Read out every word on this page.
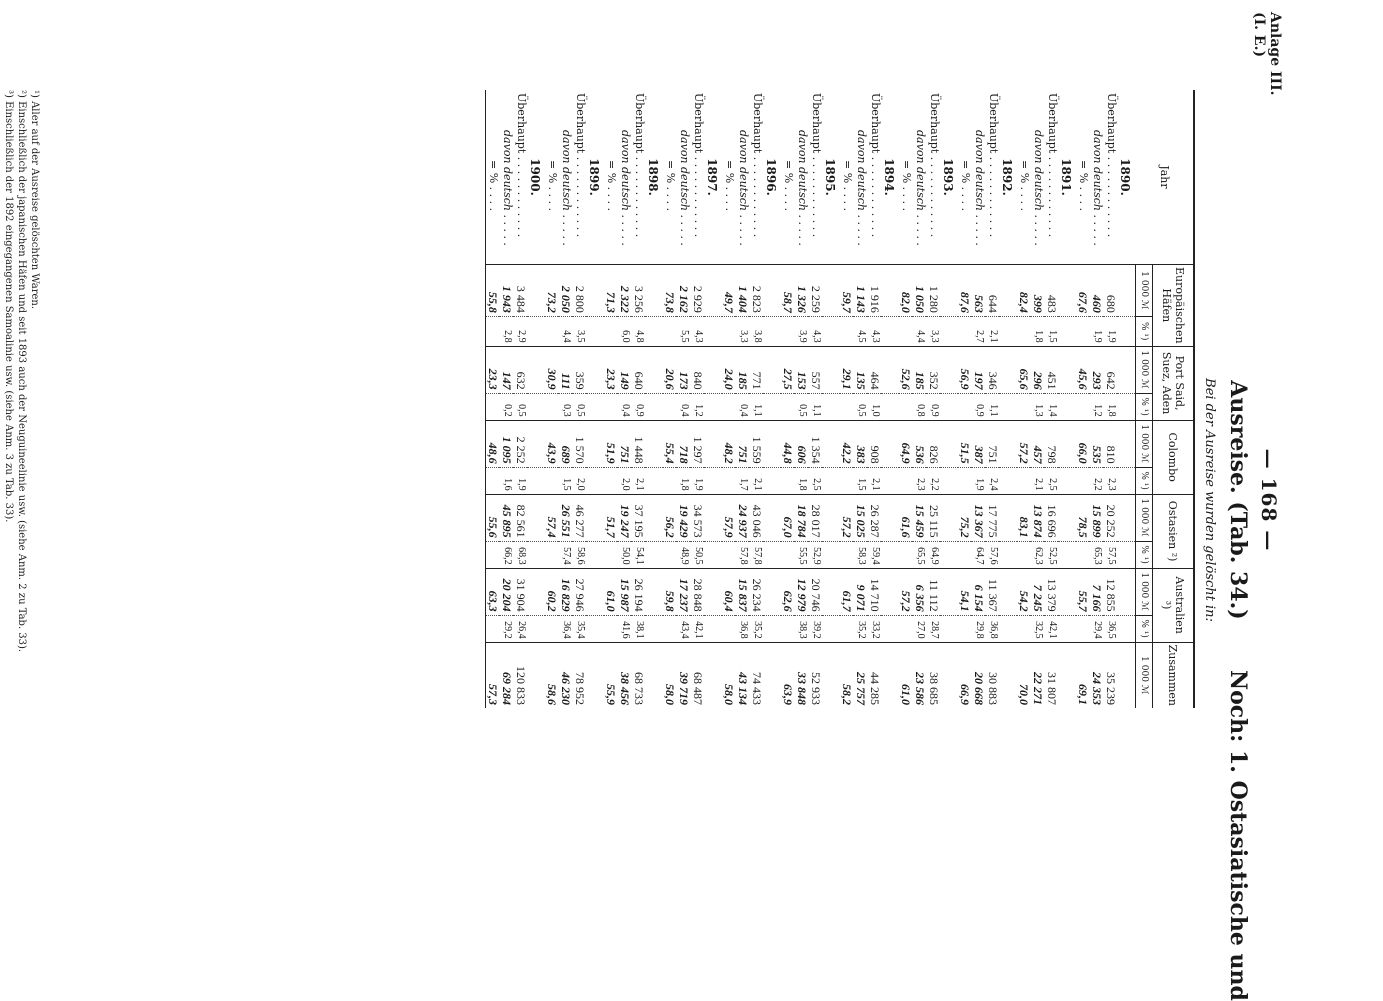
Anlage III.
(I. E.)
— 168 —
Ausreise. (Tab. 34.)
Noch: 1. Ostasiatische und
Bei der Ausreise wurden gelöscht in:
Jahr	Europäischen Häfen		Port Said, Suez, Aden		Colombo		Ostasien ²)		Australien ³)		Zusammen
	1 000 ℳ	% ¹)	1 000 ℳ	% ¹)	1 000 ℳ	% ¹)	1 000 ℳ	% ¹)	1 000 ℳ	% ¹)	1 000 ℳ
1890.											
Überhaupt . . . . . . . . . . . .	680	1,9	642	1,8	810	2,3	20 252	57,5	12 855	36,5	35 239
davon deutsch . . . . .	460	1,9	293	1,2	535	2,2	15 899	65,3	7 166	29,4	24 353
= % . . . .	67,6		45,6		66,0		78,5		55,7		69,1
1891.											
Überhaupt . . . . . . . . . . . .	483	1,5	451	1,4	798	2,5	16 696	52,5	13 379	42,1	31 807
davon deutsch . . . . .	399	1,8	296	1,3	457	2,1	13 874	62,3	7 245	32,5	22 271
= % . . . .	82,4		65,6		57,2		83,1		54,2		70,0
1892.											
Überhaupt . . . . . . . . . . . .	644	2,1	346	1,1	751	2,4	17 775	57,6	11 367	36,8	30 883
davon deutsch . . . . .	563	2,7	197	0,9	387	1,9	13 367	64,7	6 154	29,8	20 668
= % . . . .	87,6		56,9		51,5		75,2		54,1		66,9
1893.											
Überhaupt . . . . . . . . . . . .	1 280	3,3	352	0,9	826	2,2	25 115	64,9	11 112	28,7	38 685
davon deutsch . . . . .	1 050	4,4	185	0,8	536	2,3	15 459	65,5	6 356	27,0	23 586
= % . . . .	82,0		52,6		64,9		61,6		57,2		61,0
1894.											
Überhaupt . . . . . . . . . . . .	1 916	4,3	464	1,0	908	2,1	26 287	59,4	14 710	33,2	44 285
davon deutsch . . . . .	1 143	4,5	135	0,5	383	1,5	15 025	58,3	9 071	35,2	25 757
= % . . . .	59,7		29,1		42,2		57,2		61,7		58,2
1895.											
Überhaupt . . . . . . . . . . . .	2 259	4,3	557	1,1	1 354	2,5	28 017	52,9	20 746	39,2	52 933
davon deutsch . . . . .	1 326	3,9	153	0,5	606	1,8	18 784	55,5	12 979	38,3	33 848
= % . . . .	58,7		27,5		44,8		67,0		62,6		63,9
1896.											
Überhaupt . . . . . . . . . . . .	2 823	3,8	771	1,1	1 559	2,1	43 046	57,8	26 234	35,2	74 433
davon deutsch . . . . .	1 404	3,3	185	0,4	751	1,7	24 937	57,8	15 837	36,8	43 134
= % . . . .	49,7		24,0		48,2		57,9		60,4		58,0
1897.											
Überhaupt . . . . . . . . . . . .	2 929	4,3	840	1,2	1 297	1,9	34 573	50,5	28 848	42,1	68 487
davon deutsch . . . . .	2 162	5,5	173	0,4	718	1,8	19 429	48,9	17 237	43,4	39 719
= % . . . .	73,8		20,6		55,4		56,2		59,8		58,0
1898.											
Überhaupt . . . . . . . . . . . .	3 256	4,8	640	0,9	1 448	2,1	37 195	54,1	26 194	38,1	68 733
davon deutsch . . . . .	2 322	6,0	149	0,4	751	2,0	19 247	50,0	15 987	41,6	38 456
= % . . . .	71,3		23,3		51,9		51,7		61,0		55,9
1899.											
Überhaupt . . . . . . . . . . . .	2 800	3,5	359	0,5	1 570	2,0	46 277	58,6	27 946	35,4	78 952
davon deutsch . . . . .	2 050	4,4	111	0,3	689	1,5	26 551	57,4	16 829	36,4	46 230
= % . . . .	73,2		30,9		43,9		57,4		60,2		58,6
1900.											
Überhaupt . . . . . . . . . . . .	3 484	2,9	632	0,5	2 252	1,9	82 561	68,3	31 904	26,4	120 833
davon deutsch . . . . .	1 943	2,8	147	0,2	1 095	1,6	45 895	66,2	20 204	29,2	69 284
= % . . . .	55,8		23,3		48,6		55,6		63,3		57,3
¹) Aller auf der Ausreise gelöschten Waren.
²) Einschließlich der japanischen Häfen und seit 1893 auch der Neuguineelinie usw. (siehe Anm. 2 zu Tab. 33).
³) Einschließlich der 1892 eingegangenen Samoalinie usw. (siehe Anm. 3 zu Tab. 33).
